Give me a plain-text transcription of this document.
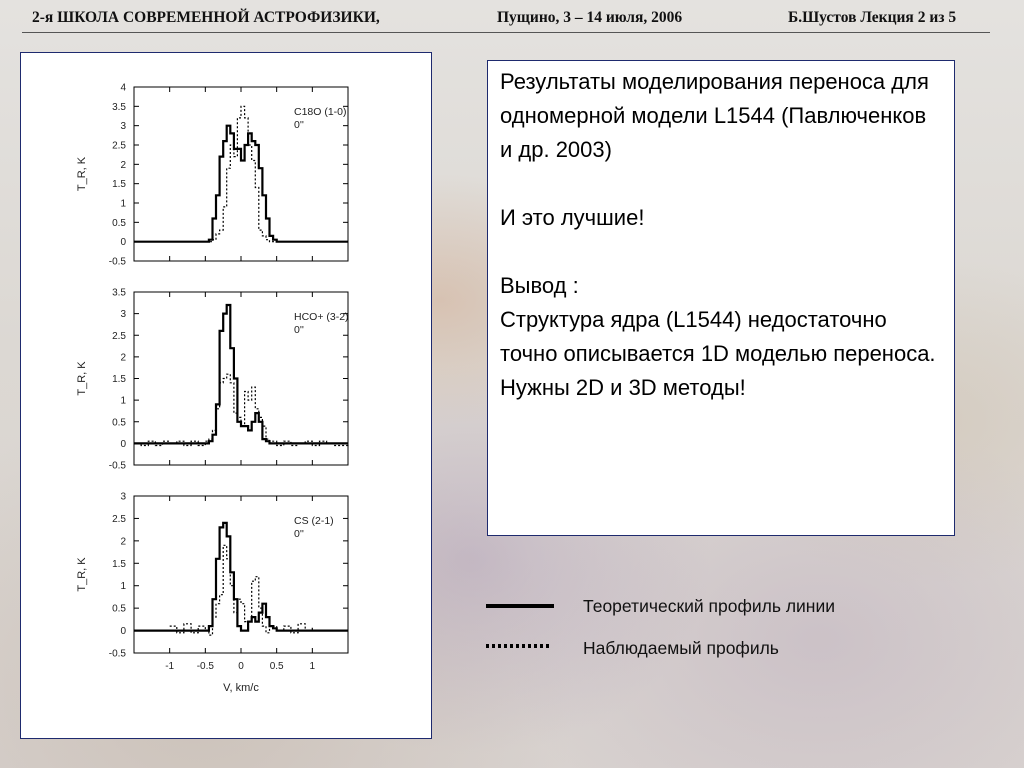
2-я ШКОЛА СОВРЕМЕННОЙ АСТРОФИЗИКИ,	Пущино, 3 – 14 июля, 2006	Б.Шустов Лекция 2 из 5
-0.5
0
0.5
1
1.5
2
2.5
3
3.5
4
T_R, K
C18O (1-0)
0''
-0.5
0
0.5
1
1.5
2
2.5
3
3.5
T_R, K
HCO+ (3-2)
0''
-0.5
0
0.5
1
1.5
2
2.5
3
-1 -0.5 0	0.5	1
V, km/c
T_R, K
CS (2-1)
0''

Результаты моделирования переноса для одномерной модели L1544 (Павлюченков и др. 2003)

И это лучшие!

Вывод :

Структура ядра (L1544) недостаточно точно описывается 1D моделью переноса. Нужны 2D и 3D методы!

Теоретический профиль линии
Наблюдаемый профиль
